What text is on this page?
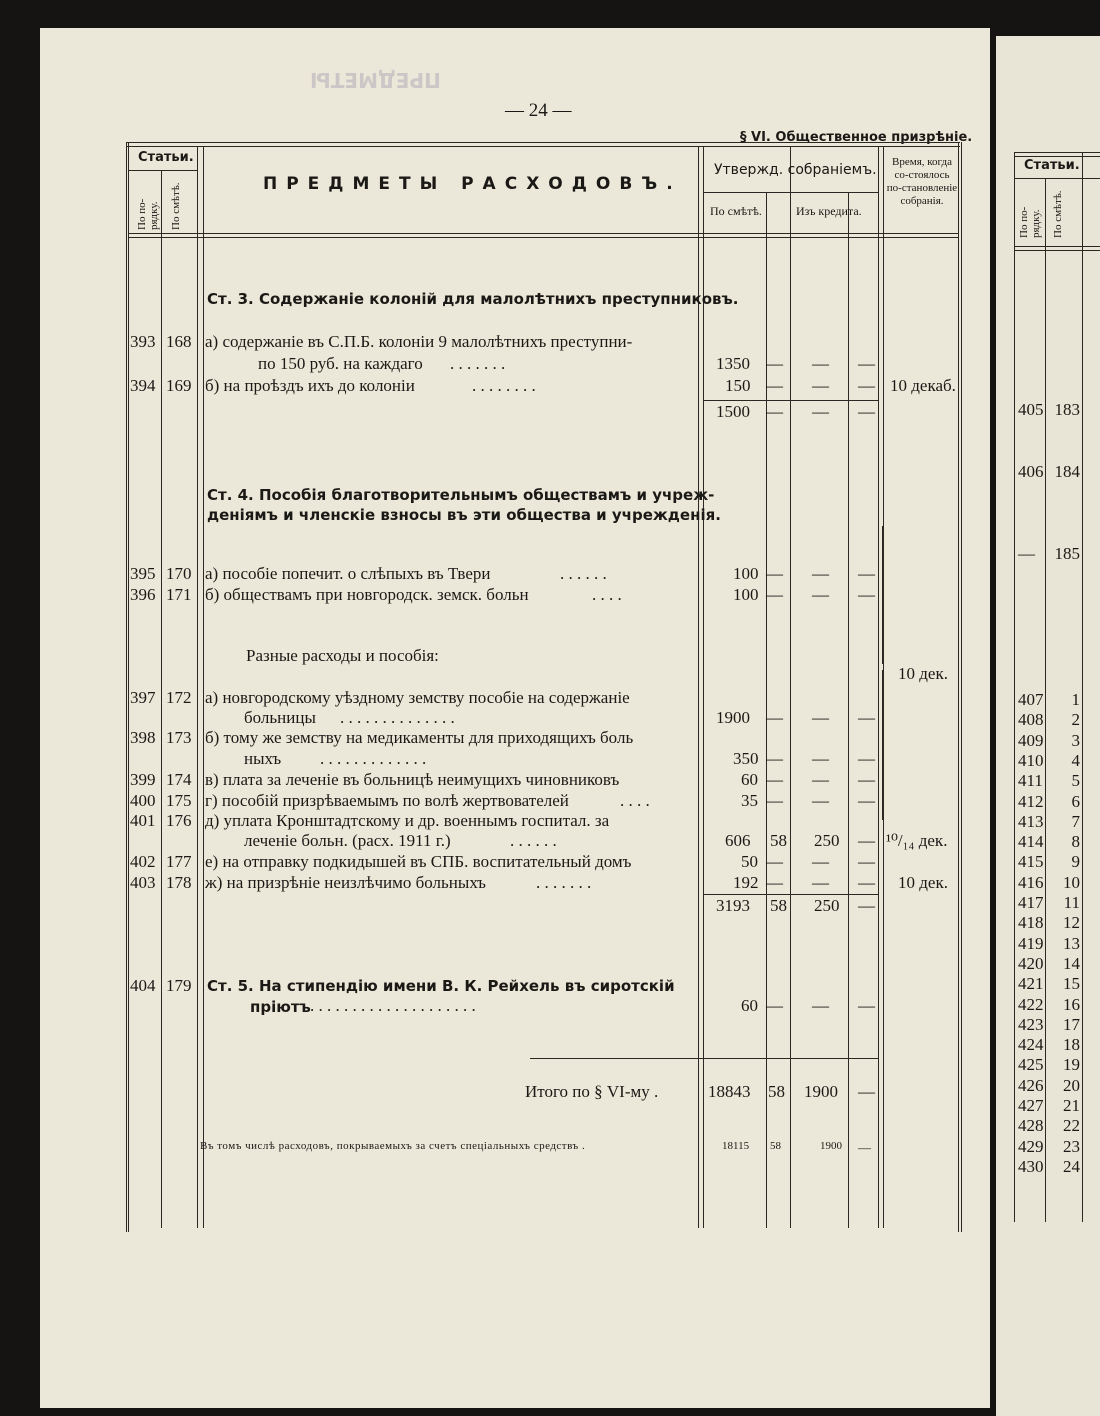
ПРЕДМЕТЫ
— 24 —
§ VI. Общественное призрѣніе.
Статьи.
По по-рядку. По смѣтѣ.	ПРЕДМЕТЫ РАСХОДОВЪ.
Утвержд. собраніемъ.
По смѣтѣ.	Изъ кредита.
Время, когда со-стоялось по-становленіе собранія.
Ст. 3. Содержаніе колоній для малолѣтнихъ преступниковъ.
393 168 а) содержаніе въ С.П.Б. колоніи 9 малолѣтнихъ преступни-
по 150 руб. на каждаго . . . . . . .	1350 — — —
394 169 б) на проѣздъ ихъ до колоніи	. . . . . . . .	150 — — — 10 декаб.
1500 — — —
Ст. 4. Пособія благотворительнымъ обществамъ и учреж-
деніямъ и членскіе взносы въ эти общества и учрежденія.
395 170 а) пособіе попечит. о слѣпыхъ въ Твери	. . . . . .	100 — — —
396 171 б) обществамъ при новгородск. земск. больн	. . . .	100 — — —
Разные расходы и пособія:
10 дек.
397 172 а) новгородскому уѣздному земству пособіе на содержаніе
больницы . . . . . . . . . . . . . .	1900 — — —
398 173 б) тому же земству на медикаменты для приходящихъ боль
ныхъ . . . . . . . . . . . . .	350 — — —
399 174 в) плата за леченіе въ больницѣ неимущихъ чиновниковъ	60 — — —
400 175 г) пособій призрѣваемымъ по волѣ жертвователей	. . . .	35 — — —
401 176 д) уплата Кронштадтскому и др. военнымъ госпитал. за
леченіе больн. (расх. 1911 г.)	. . . . . .	606 58 250 — ¹⁰/₁₄ дек.
402 177 е) на отправку подкидышей въ СПБ. воспитательный домъ	50 — — —
403 178 ж) на призрѣніе неизлѣчимо больныхъ	. . . . . . .	192 — — — 10 дек.
3193 58 250 —
404 179 Ст. 5. На стипендію имени В. К. Рейхель въ сиротскій
пріютъ . . . . . . . . . . . . . . . . . . . .	60 — — —
Итого по § VI-му .	18843 58 1900 —
Въ томъ числѣ расходовъ, покрываемыхъ за счетъ спеціальныхъ средствъ .	18115 58	1900 —
Статьи.
По по-рядку. По смѣтѣ.
405 183
406 184
— 185
407 1
408 2
409 3
410 4
411 5
412 6
413 7
414 8
415 9
416 10
417 11
418 12
419 13
420 14
421 15
422 16
423 17
424 18
425 19
426 20
427 21
428 22
429 23
430 24
